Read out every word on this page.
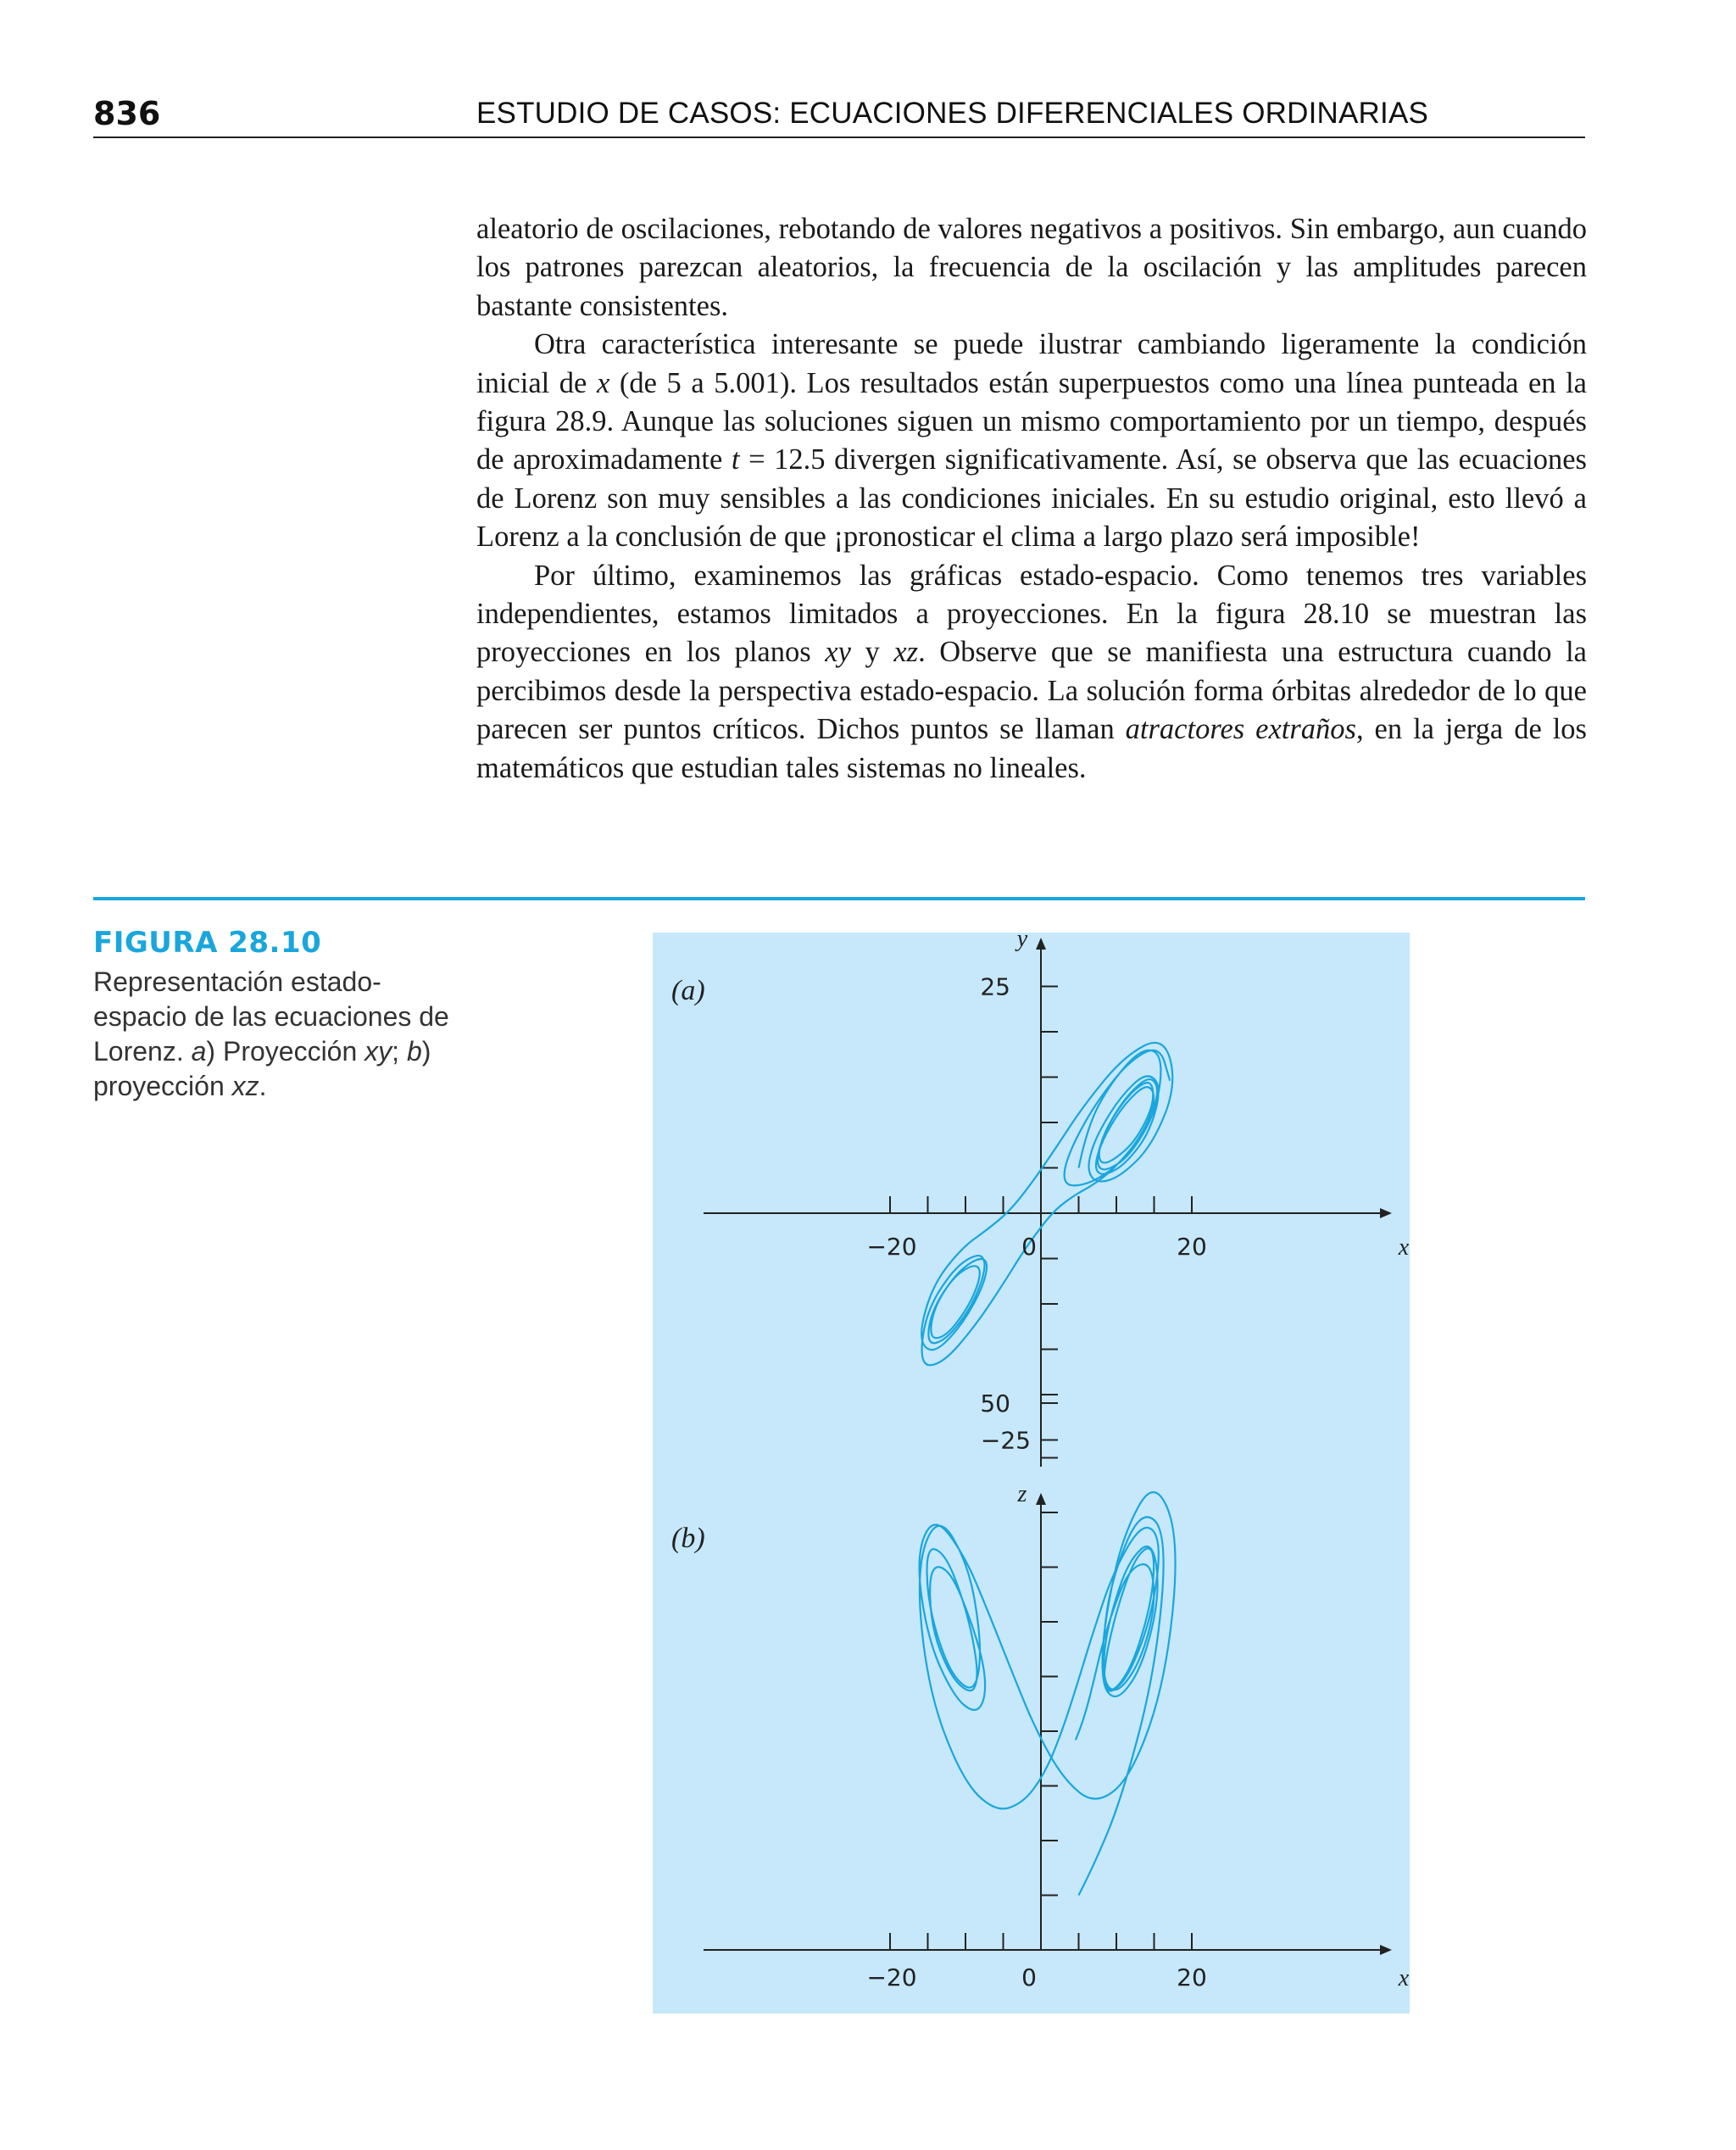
836	ESTUDIO DE CASOS: ECUACIONES DIFERENCIALES ORDINARIAS

aleatorio de oscilaciones, rebotando de valores negativos a positivos. Sin embargo, aun cuando los patrones parezcan aleatorios, la frecuencia de la oscilación y las amplitudes parecen bastante consistentes.

Otra característica interesante se puede ilustrar cambiando ligeramente la condición inicial de x (de 5 a 5.001). Los resultados están superpuestos como una línea punteada en la figura 28.9. Aunque las soluciones siguen un mismo comportamiento por un tiempo, después de aproximadamente t = 12.5 divergen significativamente. Así, se observa que las ecuaciones de Lorenz son muy sensibles a las condiciones iniciales. En su estudio original, esto llevó a Lorenz a la conclusión de que ¡pronosticar el clima a largo plazo será imposible!

Por último, examinemos las gráficas estado-espacio. Como tenemos tres variables independientes, estamos limitados a proyecciones. En la figura 28.10 se muestran las proyecciones en los planos xy y xz. Observe que se manifiesta una estructura cuando la percibimos desde la perspectiva estado-espacio. La solución forma órbitas alrededor de lo que parecen ser puntos críticos. Dichos puntos se llaman atractores extraños, en la jerga de los matemáticos que estudian tales sistemas no lineales.

FIGURA 28.10
Representación estado-espacio de las ecuaciones de Lorenz. a) Proyección xy; b) proyección xz.
(a)
−20	0	20	x
y
25
−25
(b)
−20	0	20	x
z
50
